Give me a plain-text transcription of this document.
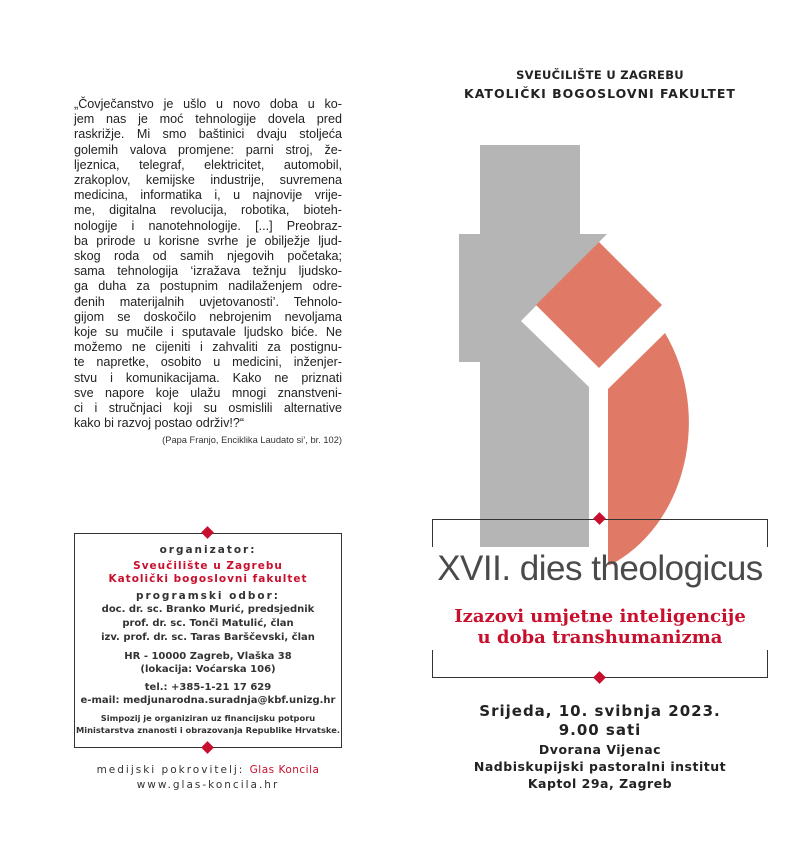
SVEUČILIŠTE U ZAGREBU
KATOLIČKI BOGOSLOVNI FAKULTET
XVII. dies theologicus
Izazovi umjetne inteligencije
u doba transhumanizma
Srijeda, 10. svibnja 2023.
9.00 sati
Dvorana Vijenac
Nadbiskupijski pastoralni institut
Kaptol 29a, Zagreb
„Čovječanstvo je ušlo u novo doba u ko-
jem nas je moć tehnologije dovela pred
raskrižje. Mi smo baštinici dvaju stoljeća
golemih valova promjene: parni stroj, že-
ljeznica, telegraf, elektricitet, automobil,
zrakoplov, kemijske industrije, suvremena
medicina, informatika i, u najnovije vrije-
me, digitalna revolucija, robotika, bioteh-
nologije i nanotehnologije. [...] Preobraz-
ba prirode u korisne svrhe je obilježje ljud-
skog roda od samih njegovih početaka;
sama tehnologija ‘izražava težnju ljudsko-
ga duha za postupnim nadilaženjem odre-
đenih materijalnih uvjetovanosti’. Tehnolo-
gijom se doskočilo nebrojenim nevoljama
koje su mučile i sputavale ljudsko biće. Ne
možemo ne cijeniti i zahvaliti za postignu-
te napretke, osobito u medicini, inženjer-
stvu i komunikacijama. Kako ne priznati
sve napore koje ulažu mnogi znanstveni-
ci i stručnjaci koji su osmislili alternative
kako bi razvoj postao održiv!?“
(Papa Franjo, Enciklika Laudato si’, br. 102)
organizator:
Sveučilište u Zagrebu
Katolički bogoslovni fakultet
programski odbor:
doc. dr. sc. Branko Murić, predsjednik
prof. dr. sc. Tonči Matulić, član
izv. prof. dr. sc. Taras Barščevski, član
HR - 10000 Zagreb, Vlaška 38
(lokacija: Voćarska 106)
tel.: +385-1-21 17 629
e-mail: medjunarodna.suradnja@kbf.unizg.hr
Simpozij je organiziran uz financijsku potporu
Ministarstva znanosti i obrazovanja Republike Hrvatske.
medijski pokrovitelj: Glas Koncila
www.glas-koncila.hr
